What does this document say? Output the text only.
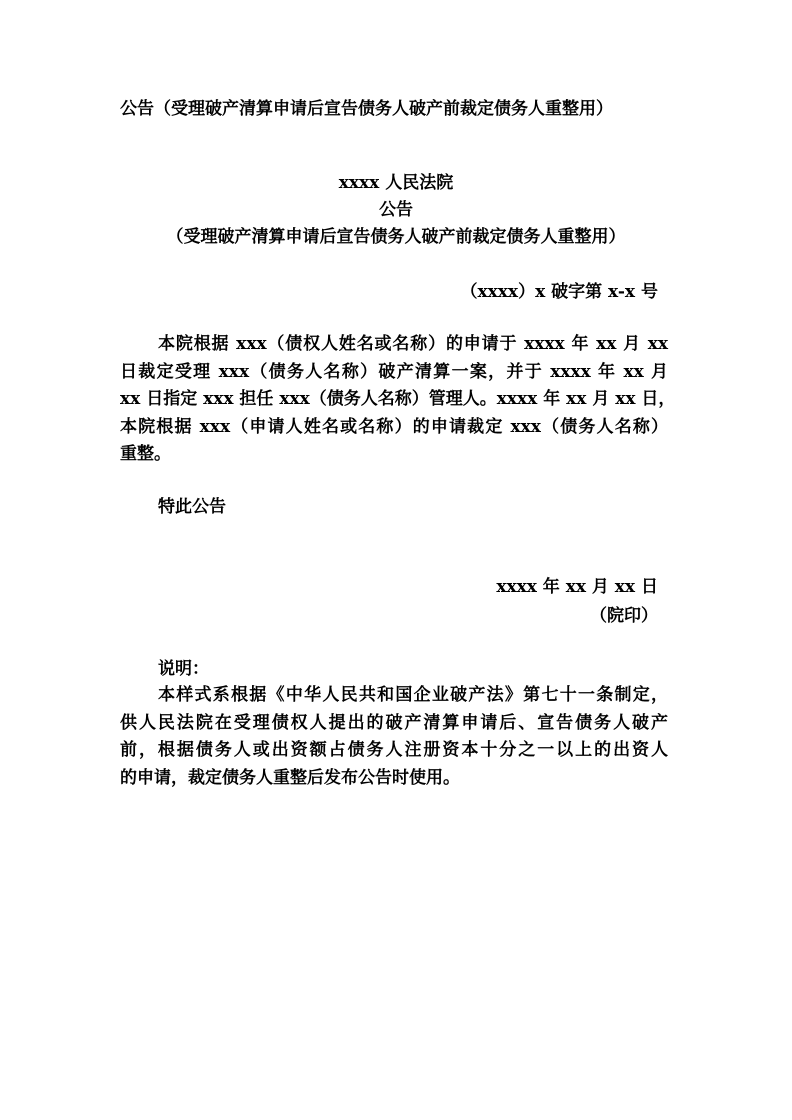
公告（受理破产清算申请后宣告债务人破产前裁定债务人重整用）
xxxx 人民法院
公告
（受理破产清算申请后宣告债务人破产前裁定债务人重整用）
（xxxx）x 破字第 x-x 号
本院根据 xxx（债权人姓名或名称）的申请于 xxxx 年 xx 月 xx
日裁定受理 xxx（债务人名称）破产清算一案，并于 xxxx 年 xx 月
xx 日指定 xxx 担任 xxx（债务人名称）管理人。xxxx 年 xx 月 xx 日，
本院根据 xxx（申请人姓名或名称）的申请裁定 xxx（债务人名称）
重整。
特此公告
xxxx 年 xx 月 xx 日
（院印）
说明：
本样式系根据《中华人民共和国企业破产法》第七十一条制定，
供人民法院在受理债权人提出的破产清算申请后、宣告债务人破产
前，根据债务人或出资额占债务人注册资本十分之一以上的出资人
的申请，裁定债务人重整后发布公告时使用。
